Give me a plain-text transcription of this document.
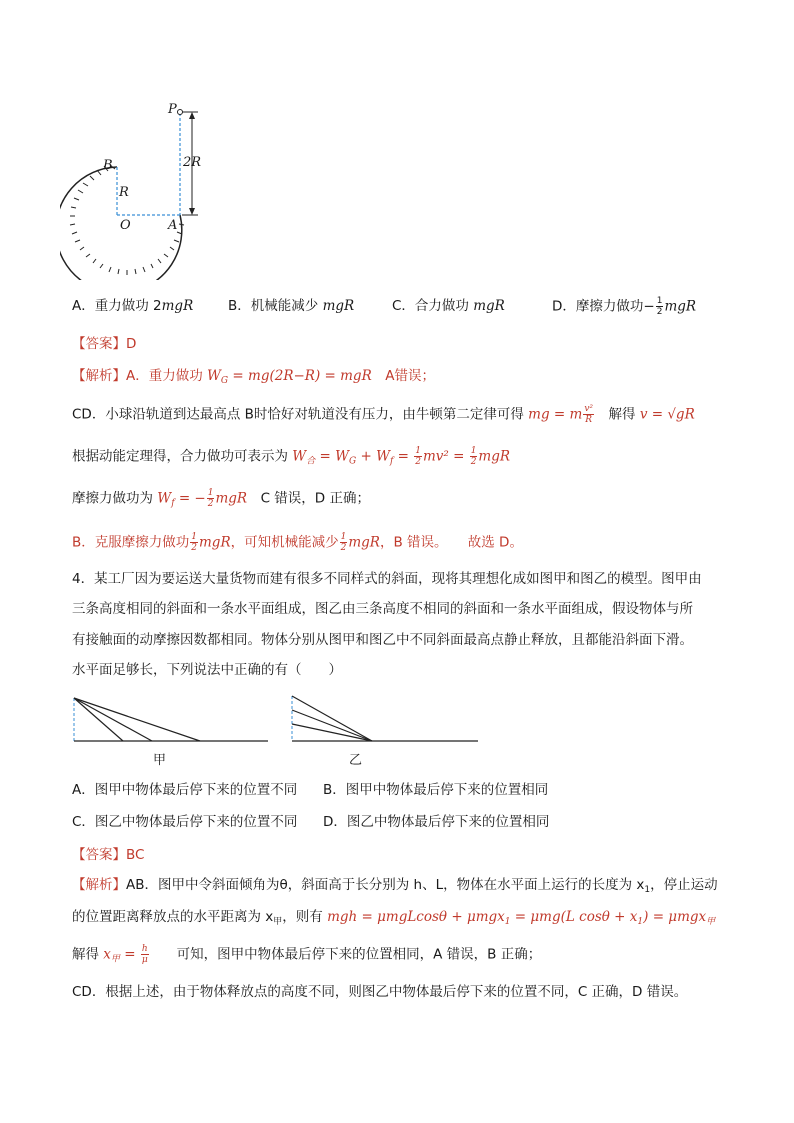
P
B
R
2R
O	A
A．重力做功 2mgR	B．机械能减少 mgR	C．合力做功 mgR	D．摩擦力做功− $\frac{1}{2}$ mgR
【答案】D
【解析】A．重力做功 $W_G = mg(2R-R)$ = mgR　A错误；
CD．小球沿轨道到达最高点 B时恰好对轨道没有压力，由牛顿第二定律可得 mg = m $\frac{\text{v²}}{R}$ 　解得 v = √gR
根据动能定理得，合力做功可表示为 $W_合 = W_G + W_f = \frac{1}{2} mv^2 = \frac{1}{2}$ mgR
摩擦力做功为 $W_f$ = − $\frac{1}{2}$ mgR　C 错误，D 正确；
B．克服摩擦力做功 $\frac{1}{2}$ mgR，可知机械能减少 $\frac{1}{2}$ mgR，B 错误。　　故选 D。
4．某工厂因为要运送大量货物而建有很多不同样式的斜面，现将其理想化成如图甲和图乙的模型。图甲由
三条高度相同的斜面和一条水平面组成，图乙由三条高度不相同的斜面和一条水平面组成，假设物体与所
有接触面的动摩擦因数都相同。物体分别从图甲和图乙中不同斜面最高点静止释放，且都能沿斜面下滑。
水平面足够长，下列说法中正确的有（　　）
甲	乙
A．图甲中物体最后停下来的位置不同 B．图甲中物体最后停下来的位置相同
C．图乙中物体最后停下来的位置不同 D．图乙中物体最后停下来的位置相同
【答案】BC
【解析】AB．图甲中令斜面倾角为θ，斜面高于长分别为 h、L，物体在水平面上运行的长度为 $x_1$，停止运动
的位置距离释放点的水平距离为 $x_甲$，则有 mgh = μmgLcosθ + μmgx$_1$ = μmg(L $\cos\theta + x_1) = \mu mgx_甲$
解得 $x_甲 = \frac{h}{\mu}$ 　　可知，图甲中物体最后停下来的位置相同，A 错误，B 正确；
CD．根据上述，由于物体释放点的高度不同，则图乙中物体最后停下来的位置不同，C 正确，D 错误。
